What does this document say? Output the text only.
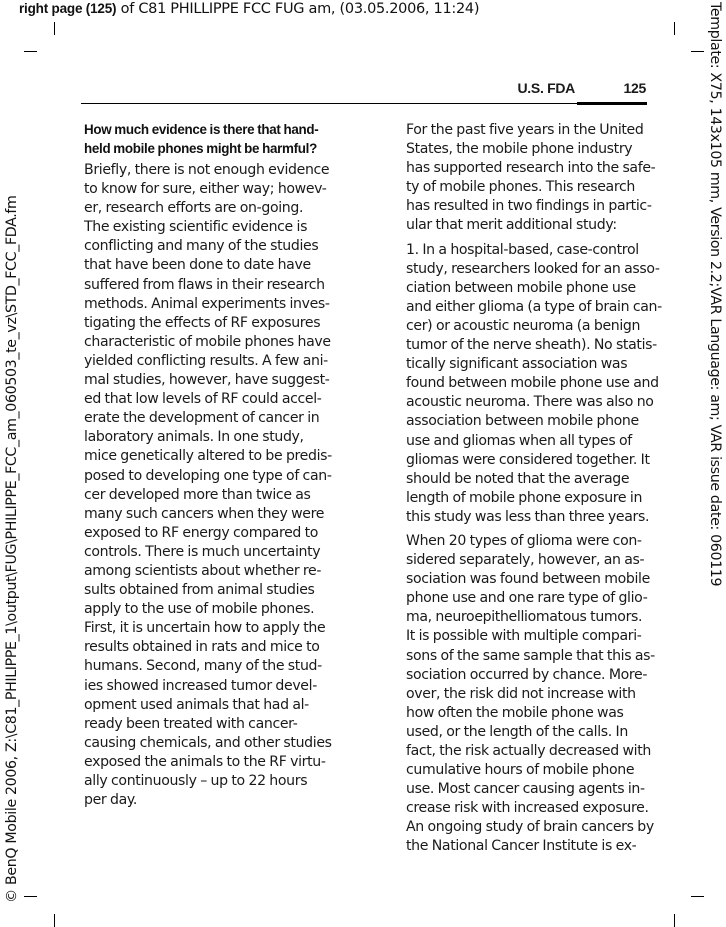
right page (125) of C81 PHILLIPPE FCC FUG am, (03.05.2006, 11:24)
© BenQ Mobile 2006, Z:\C81_PHILIPPE_1\output\FUG\PHILIPPE_FCC_am_060503_te_vz\STD_FCC_FDA.fm	Template: X75, 143x105 mm, Version 2.2;VAR Language: am; VAR issue date: 060119
U.S. FDA	125
How much evidence is there that hand-
held mobile phones might be harmful?
Briefly, there is not enough evidence
to know for sure, either way; howev-
er, research efforts are on-going.
The existing scientific evidence is
conflicting and many of the studies
that have been done to date have
suffered from flaws in their research
methods. Animal experiments inves-
tigating the effects of RF exposures
characteristic of mobile phones have
yielded conflicting results. A few ani-
mal studies, however, have suggest-
ed that low levels of RF could accel-
erate the development of cancer in
laboratory animals. In one study,
mice genetically altered to be predis-
posed to developing one type of can-
cer developed more than twice as
many such cancers when they were
exposed to RF energy compared to
controls. There is much uncertainty
among scientists about whether re-
sults obtained from animal studies
apply to the use of mobile phones.
First, it is uncertain how to apply the
results obtained in rats and mice to
humans. Second, many of the stud-
ies showed increased tumor devel-
opment used animals that had al-
ready been treated with cancer-
causing chemicals, and other studies
exposed the animals to the RF virtu-
ally continuously – up to 22 hours
per day.
For the past five years in the United
States, the mobile phone industry
has supported research into the safe-
ty of mobile phones. This research
has resulted in two findings in partic-
ular that merit additional study:
1. In a hospital-based, case-control
study, researchers looked for an asso-
ciation between mobile phone use
and either glioma (a type of brain can-
cer) or acoustic neuroma (a benign
tumor of the nerve sheath). No statis-
tically significant association was
found between mobile phone use and
acoustic neuroma. There was also no
association between mobile phone
use and gliomas when all types of
gliomas were considered together. It
should be noted that the average
length of mobile phone exposure in
this study was less than three years.
When 20 types of glioma were con-
sidered separately, however, an as-
sociation was found between mobile
phone use and one rare type of glio-
ma, neuroepithelliomatous tumors.
It is possible with multiple compari-
sons of the same sample that this as-
sociation occurred by chance. More-
over, the risk did not increase with
how often the mobile phone was
used, or the length of the calls. In
fact, the risk actually decreased with
cumulative hours of mobile phone
use. Most cancer causing agents in-
crease risk with increased exposure.
An ongoing study of brain cancers by
the National Cancer Institute is ex-
